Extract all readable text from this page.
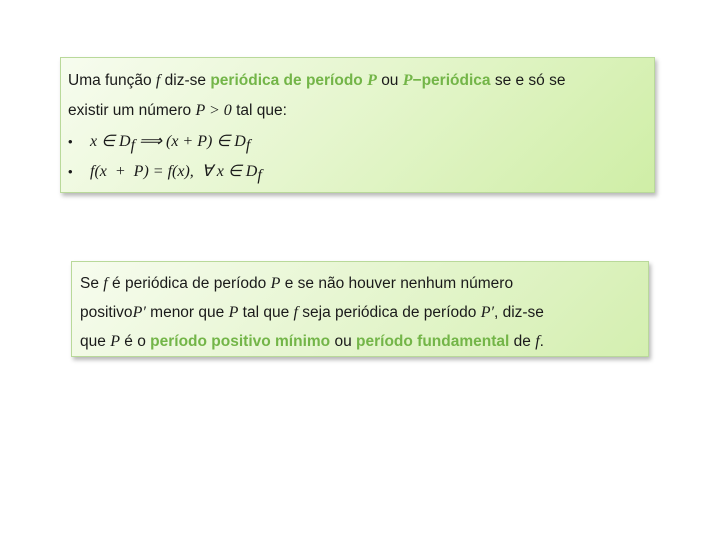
Uma função f diz-se periódica de período P ou P−periódica se e só se
existir um número P > 0 tal que:
• x ∈ $D_f$ ⟹ (x + P) ∈ $D_f$
• f(x  +  P) = f(x),  ∀ x ∈ $D_f$
Se f é periódica de período P e se não houver nenhum número
positivoP′ menor que P tal que f seja periódica de período P′, diz-se
que P é o período positivo mínimo ou período fundamental de f.
